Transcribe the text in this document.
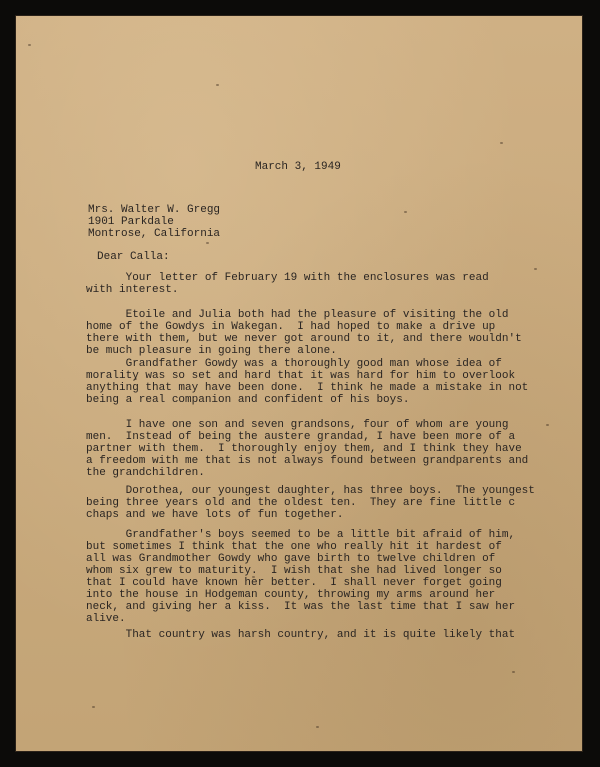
March 3, 1949
Mrs. Walter W. Gregg
1901 Parkdale
Montrose, California
Dear Calla:
Your letter of February 19 with the enclosures was read
with interest.
Etoile and Julia both had the pleasure of visiting the old
home of the Gowdys in Wakegan.  I had hoped to make a drive up
there with them, but we never got around to it, and there wouldn't
be much pleasure in going there alone.
Grandfather Gowdy was a thoroughly good man whose idea of
morality was so set and hard that it was hard for him to overlook
anything that may have been done.  I think he made a mistake in not
being a real companion and confident of his boys.
I have one son and seven grandsons, four of whom are young
men.  Instead of being the austere grandad, I have been more of a
partner with them.  I thoroughly enjoy them, and I think they have
a freedom with me that is not always found between grandparents and
the grandchildren.
Dorothea, our youngest daughter, has three boys.  The youngest
being three years old and the oldest ten.  They are fine little c
chaps and we have lots of fun together.
Grandfather's boys seemed to be a little bit afraid of him,
but sometimes I think that the one who really hit it hardest of
all was Grandmother Gowdy who gave birth to twelve children of
whom six grew to maturity.  I wish that she had lived longer so
that I could have known her better.  I shall never forget going
into the house in Hodgeman county, throwing my arms around her
neck, and giving her a kiss.  It was the last time that I saw her
alive.
That country was harsh country, and it is quite likely that
